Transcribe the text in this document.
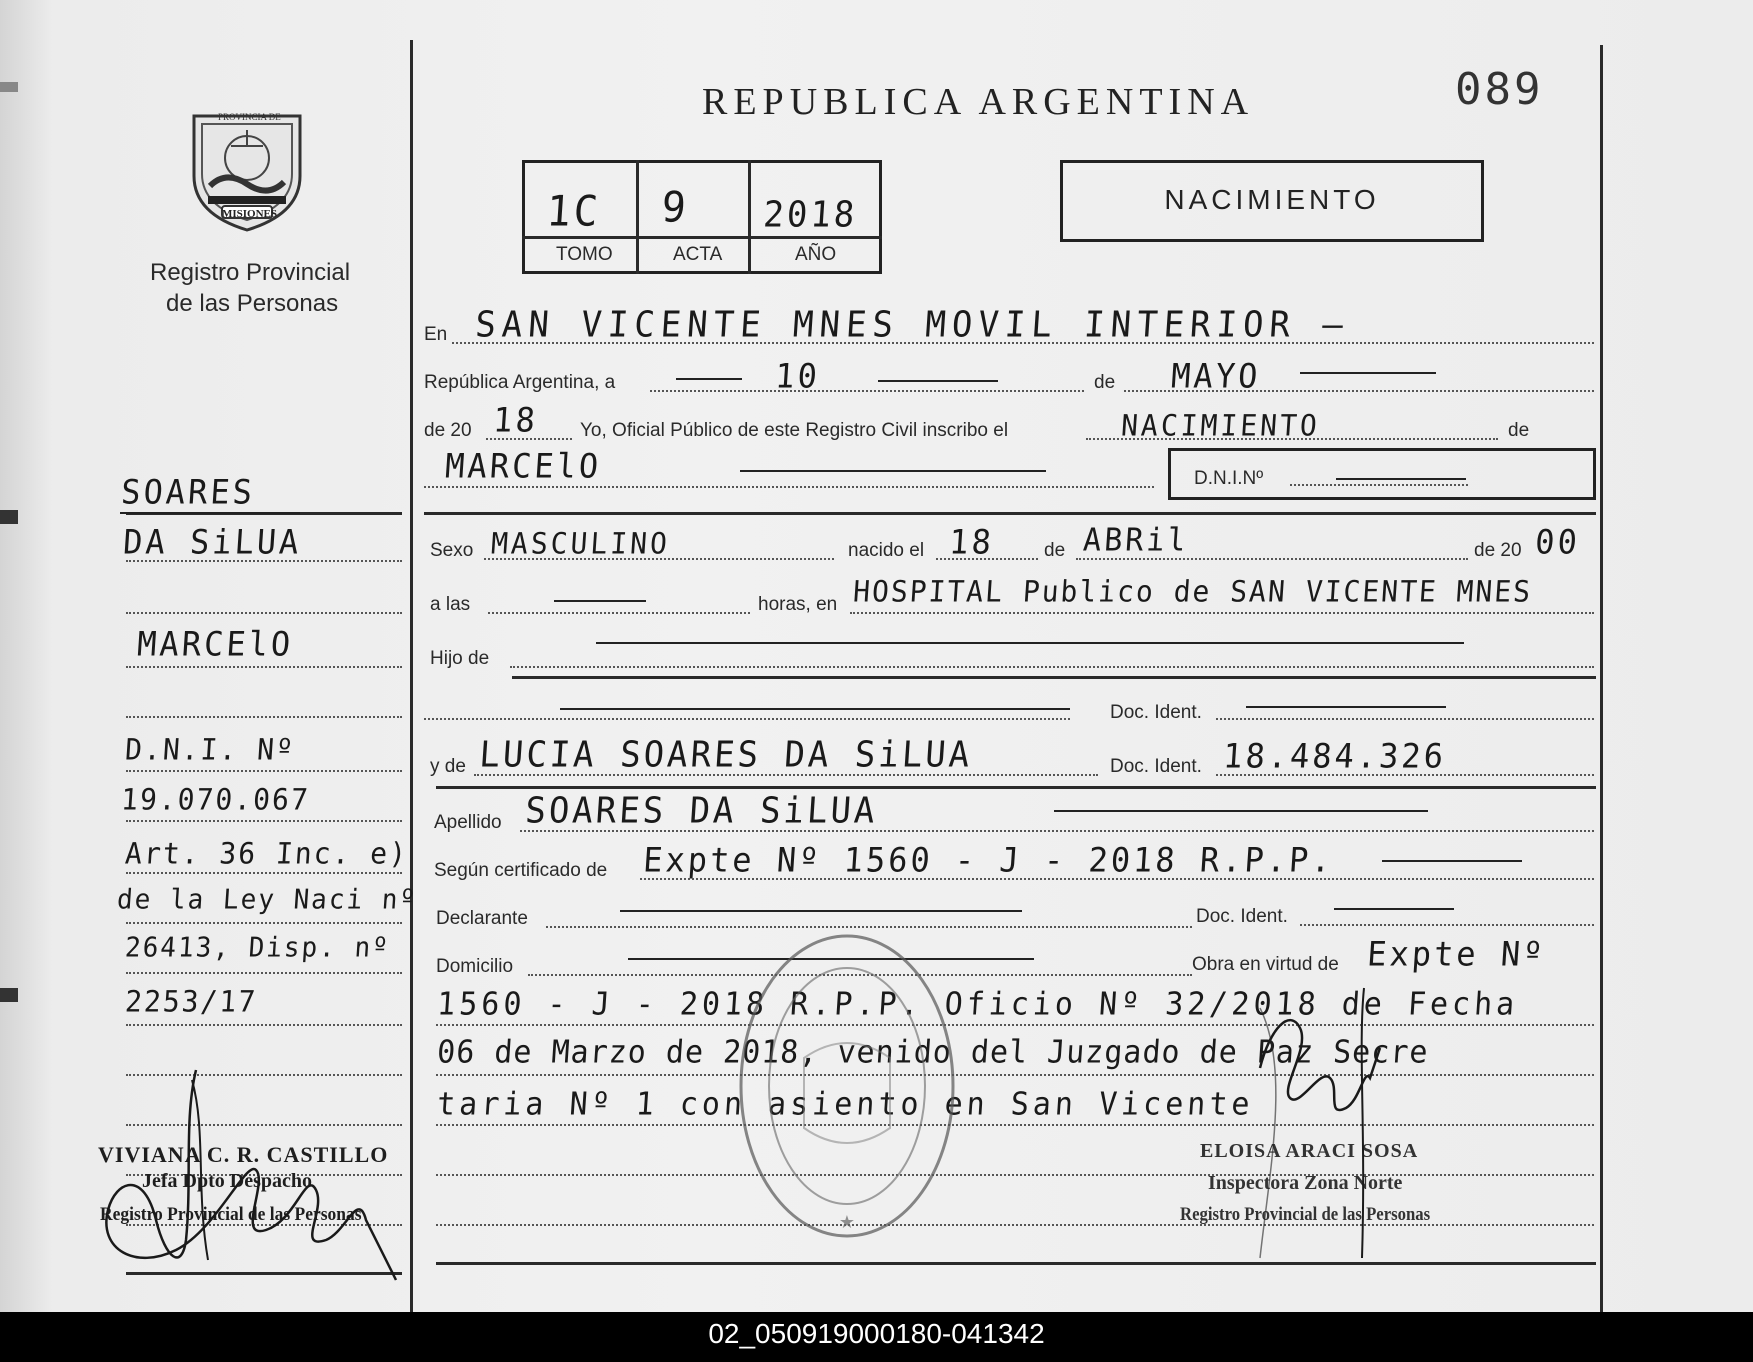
REPUBLICA ARGENTINA	089
1C 9 2018
TOMO	ACTA	AÑO
NACIMIENTO
PROVINCIA DE
MISIONES
Registro Provincial
de las Personas
SOARES
DA SiLUA
MARCElO
D.N.I. Nº
19.070.067
Art. 36 Inc. e)
de la Ley Naci nº
26413, Disp. nº
2253/17
VIVIANA C. R. CASTILLO
Jefa Dpto Despacho
Registro Provincial de las Personas
En SAN VICENTE MNES MOVIL INTERIOR —
República Argentina, a	10	de MAYO
de 20 18 Yo, Oficial Público de este Registro Civil inscribo el	NACIMIENTO	de
MARCElO	D.N.I.Nº
Sexo MASCULINO	nacido el 18	de ABRil	de 20 00
a las	horas, en HOSPITAL Publico de SAN VICENTE MNES
Hijo de
Doc. Ident.
y de LUCIA SOARES DA SiLUA	Doc. Ident. 18.484.326
Apellido SOARES DA SiLUA
Según certificado de Expte Nº 1560 - J - 2018 R.P.P.
Declarante	Doc. Ident.
Domicilio	Obra en virtud de Expte Nº
1560 - J - 2018 R.P.P. Oficio Nº 32/2018 de Fecha
06 de Marzo de 2018, venido del Juzgado de Paz Secre
taria Nº 1 con asiento en San Vicente
★
ELOISA ARACI SOSA
Inspectora Zona Norte
Registro Provincial de las Personas
02_050919000180-041342
